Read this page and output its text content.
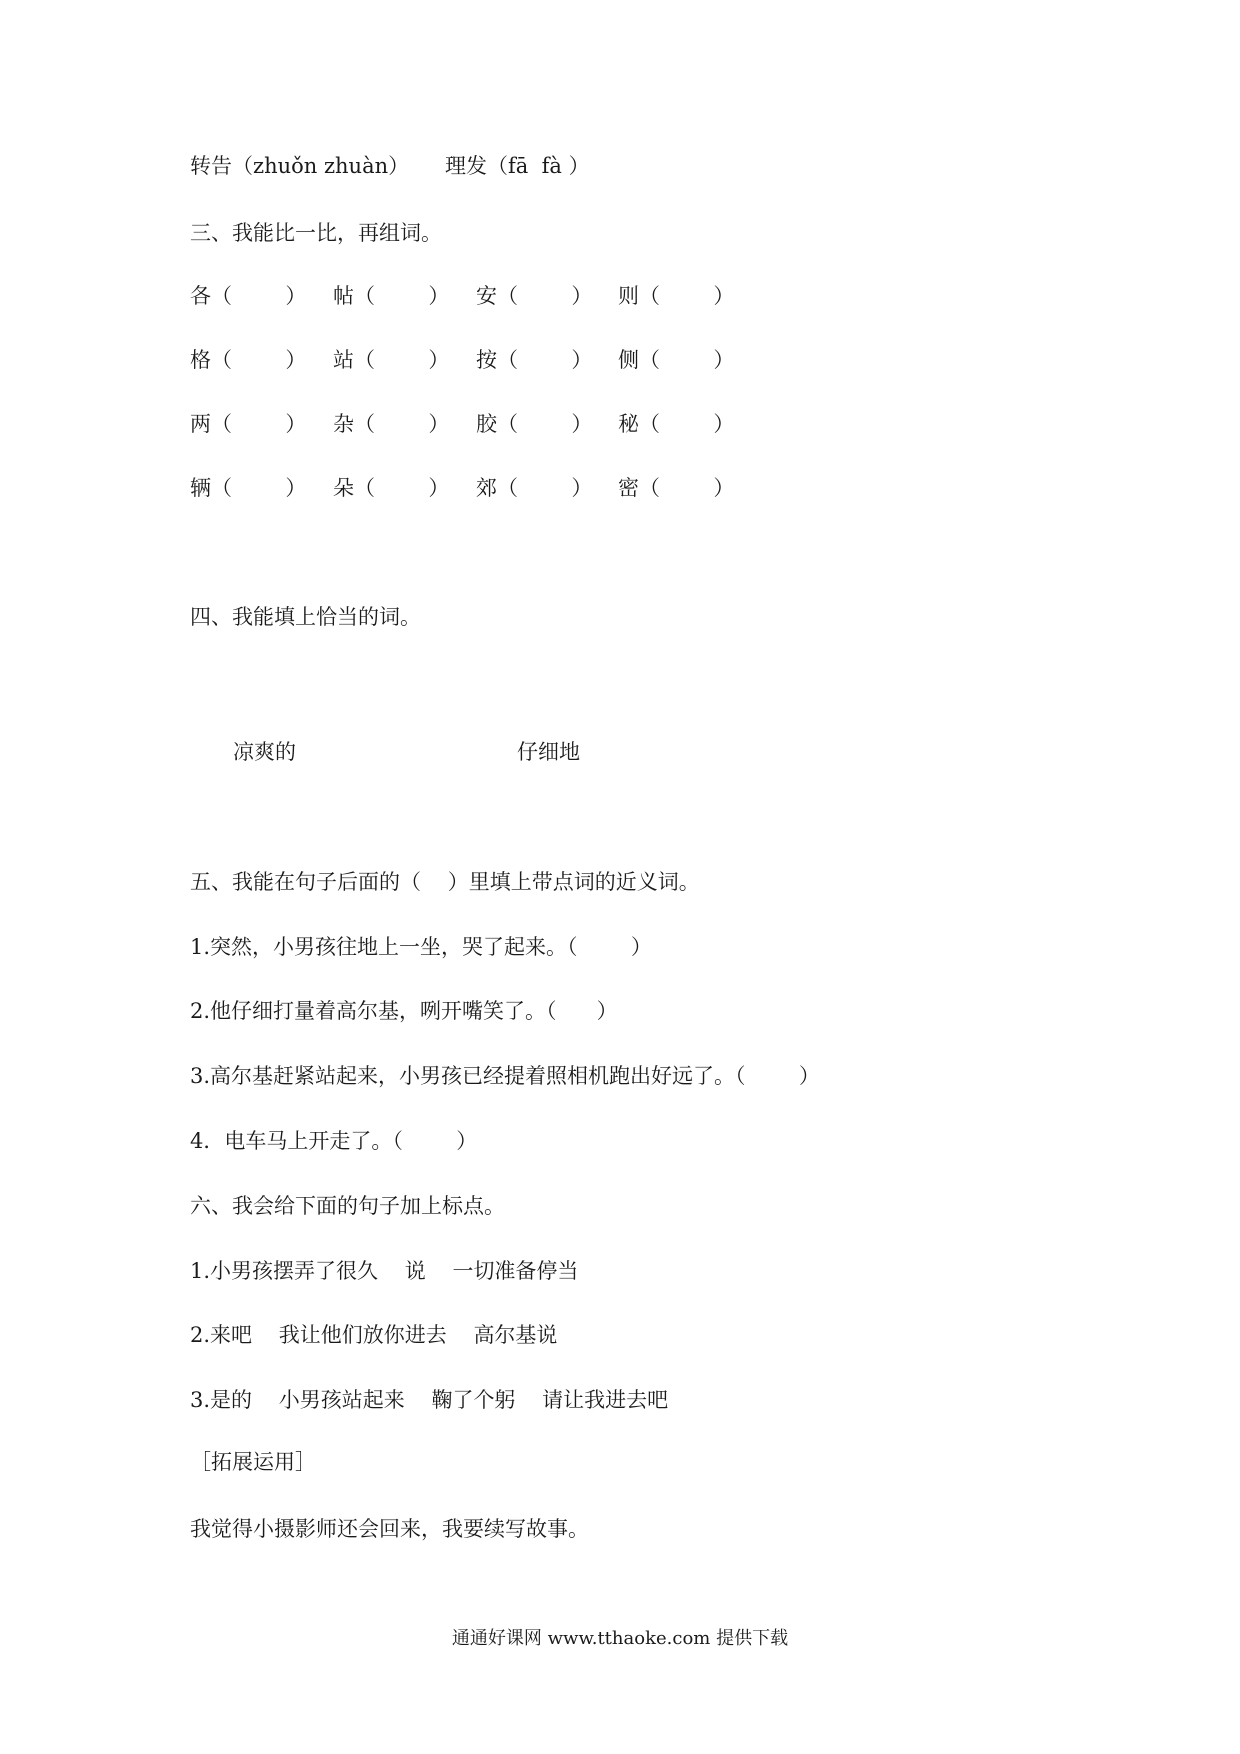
转告（zhuǒn zhuàn） 理发（fā  fà ）
三、我能比一比，再组词。
各（        ） 帖（        ） 安（        ） 则（        ）
格（        ） 站（        ） 按（        ） 侧（        ）
两（        ） 杂（        ） 胶（        ） 秘（        ）
辆（        ） 朵（        ） 郊（        ） 密（        ）
四、我能填上恰当的词。
凉爽的	仔细地
五、我能在句子后面的（    ）里填上带点词的近义词。
1.突然，小男孩往地上一坐，哭了起来。（        ）
2.他仔细打量着高尔基，咧开嘴笑了。（      ）
3.高尔基赶紧站起来，小男孩已经提着照相机跑出好远了。（        ）
4．电车马上开走了。（        ）
六、我会给下面的句子加上标点。
1.小男孩摆弄了很久    说    一切准备停当
2.来吧    我让他们放你进去    高尔基说
3.是的    小男孩站起来    鞠了个躬    请让我进去吧
［拓展运用］
我觉得小摄影师还会回来，我要续写故事。
通通好课网 www.tthaoke.com 提供下载
